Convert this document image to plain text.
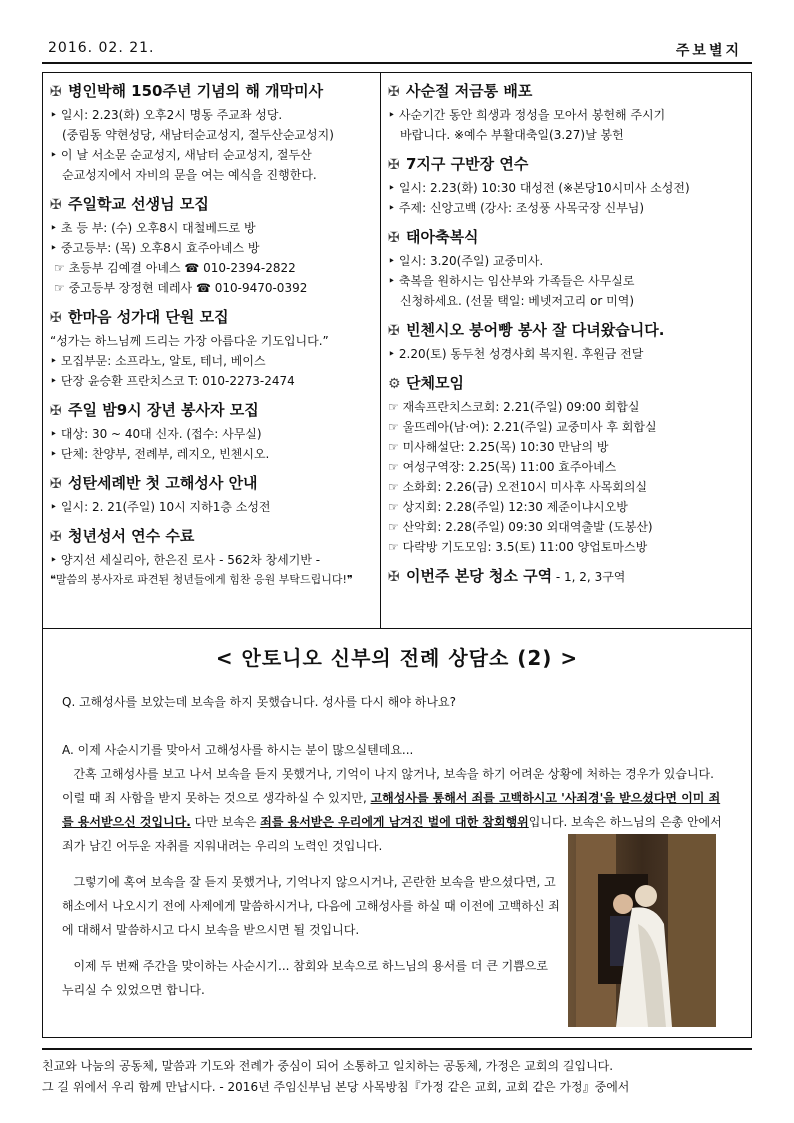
2016. 02. 21.	주보별지
✠ 병인박해 150주년 기념의 해 개막미사
‣ 일시: 2.23(화) 오후2시 명동 주교좌 성당.
(중림동 약현성당, 새남터순교성지, 절두산순교성지)
‣ 이 날 서소문 순교성지, 새남터 순교성지, 절두산
순교성지에서 자비의 문을 여는 예식을 진행한다.
✠ 주일학교 선생님 모집
‣ 초 등 부: (수) 오후8시 대철베드로 방
‣ 중고등부: (목) 오후8시 효주아녜스 방
☞ 초등부 김예결 아녜스 ☎ 010-2394-2822
☞ 중고등부 장정현 데레사 ☎ 010-9470-0392
✠ 한마음 성가대 단원 모집
“성가는 하느님께 드리는 가장 아름다운 기도입니다.”
‣ 모집부문: 소프라노, 알토, 테너, 베이스
‣ 단장 윤승환 프란치스코 T: 010-2273-2474
✠ 주일 밤9시 장년 봉사자 모집
‣ 대상: 30 ~ 40대 신자. (접수: 사무실)
‣ 단체: 찬양부, 전례부, 레지오, 빈첸시오.
✠ 성탄세례반 첫 고해성사 안내
‣ 일시: 2. 21(주일) 10시 지하1층 소성전
✠ 청년성서 연수 수료
‣ 양지선 세실리아, 한은진 로사 - 562차 창세기반 -
❝말씀의 봉사자로 파견된 청년들에게 힘찬 응원 부탁드립니다!❞
✠ 사순절 저금통 배포
‣ 사순기간 동안 희생과 정성을 모아서 봉헌해 주시기
바랍니다. ※예수 부활대축일(3.27)날 봉헌
✠ 7지구 구반장 연수
‣ 일시: 2.23(화) 10:30 대성전 (※본당10시미사 소성전)
‣ 주제: 신앙고백 (강사: 조성풍 사목국장 신부님)
✠ 태아축복식
‣ 일시: 3.20(주일) 교중미사.
‣ 축복을 원하시는 임산부와 가족들은 사무실로
신청하세요. (선물 택일: 베넷저고리 or 미역)
✠ 빈첸시오 붕어빵 봉사 잘 다녀왔습니다.
‣ 2.20(토) 동두천 성경사회 복지원. 후원금 전달
⚙ 단체모임
☞ 재속프란치스코회: 2.21(주일) 09:00 회합실
☞ 울뜨레아(남·여): 2.21(주일) 교중미사 후 회합실
☞ 미사해설단: 2.25(목) 10:30 만남의 방
☞ 여성구역장: 2.25(목) 11:00 효주아녜스
☞ 소화회: 2.26(금) 오전10시 미사후 사목회의실
☞ 상지회: 2.28(주일) 12:30 제준이냐시오방
☞ 산악회: 2.28(주일) 09:30 외대역출발 (도봉산)
☞ 다락방 기도모임: 3.5(토) 11:00 양업토마스방
✠ 이번주 본당 청소 구역 - 1, 2, 3구역
< 안토니오 신부의 전례 상담소 (2) >

Q. 고해성사를 보았는데 보속을 하지 못했습니다. 성사를 다시 해야 하나요?

A. 이제 사순시기를 맞아서 고해성사를 하시는 분이 많으실텐데요...

간혹 고해성사를 보고 나서 보속을 듣지 못했거나, 기억이 나지 않거나, 보속을 하기 어려운 상황에 처하는 경우가 있습니다. 이럴 때 죄 사함을 받지 못하는 것으로 생각하실 수 있지만, 고해성사를 통해서 죄를 고백하시고 '사죄경'을 받으셨다면 이미 죄를 용서받으신 것입니다. 다만 보속은 죄를 용서받은 우리에게 남겨진 벌에 대한 참회행위입니다. 보속은 하느님의 은총 안에서 죄가 남긴 어두운 자취를 지워내려는 우리의 노력인 것입니다.

그렇기에 혹여 보속을 잘 듣지 못했거나, 기억나지 않으시거나, 곤란한 보속을 받으셨다면, 고해소에서 나오시기 전에 사제에게 말씀하시거나, 다음에 고해성사를 하실 때 이전에 고백하신 죄에 대해서 말씀하시고 다시 보속을 받으시면 될 것입니다.

이제 두 번째 주간을 맞이하는 사순시기... 참회와 보속으로 하느님의 용서를 더 큰 기쁨으로 누리실 수 있었으면 합니다.

친교와 나눔의 공동체, 말씀과 기도와 전례가 중심이 되어 소통하고 일치하는 공동체, 가정은 교회의 길입니다.
그 길 위에서 우리 함께 만납시다. - 2016년 주임신부님 본당 사목방침『가정 같은 교회, 교회 같은 가정』중에서
